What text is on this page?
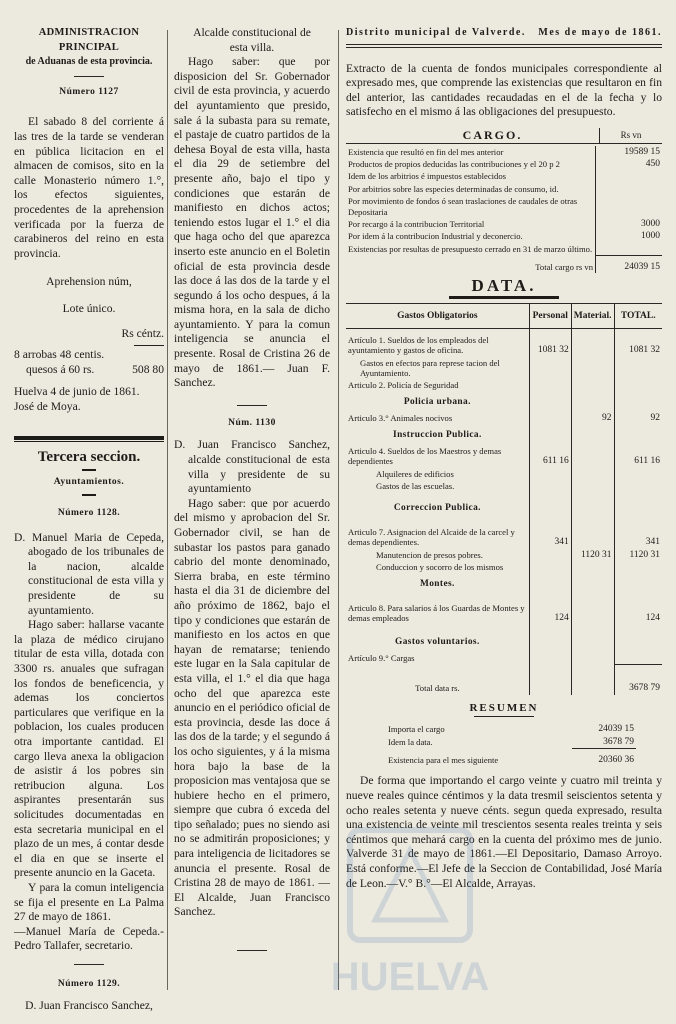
ADMINISTRACION PRINCIPAL

de Aduanas de esta provincia.

Número 1127

El sabado 8 del corriente á las tres de la tarde se venderan en pública licitacion en el almacen de comisos, sito en la calle Monasterio número 1.°, los efectos siguientes, procedentes de la aprehension verificada por la fuerza de carabineros del reino en esta provincia.

Aprehension núm,

Lote único.

Rs céntz.

8 arrobas 48 centis.

quesos á 60 rs.	508 80

Huelva 4 de junio de 1861.

José de Moya.

Tercera seccion.

Ayuntamientos.

Número 1128.

D. Manuel Maria de Cepeda, abogado de los tribunales de la nacion, alcalde constitucional de esta villa y presidente de su ayuntamiento.

Hago saber: hallarse vacante la plaza de médico cirujano titular de esta villa, dotada con 3300 rs. anuales que sufragan los fondos de beneficencia, y ademas los conciertos particulares que verifique en la poblacion, los cuales producen otra importante cantidad. El cargo lleva anexa la obligacion de asistir á los pobres sin retribucion alguna. Los aspirantes presentarán sus solicitudes documentadas en esta secretaria municipal en el plazo de un mes, á contar desde el dia en que se inserte el presente anuncio en la Gaceta.

Y para la comun inteligencia se fija el presente en La Palma 27 de mayo de 1861.

—Manuel María de Cepeda.-Pedro Tallafer, secretario.

Número 1129.

D. Juan Francisco Sanchez,

Alcalde constitucional de esta villa.

Hago saber: que por disposicion del Sr. Gobernador civil de esta provincia, y acuerdo del ayuntamiento que presido, sale á la subasta para su remate, el pastaje de cuatro partidos de la dehesa Boyal de esta villa, hasta el dia 29 de setiembre del presente año, bajo el tipo y condiciones que estarán de manifiesto en dichos actos; teniendo estos lugar el 1.° el dia que haga ocho del que aparezca inserto este anuncio en el Boletin oficial de esta provincia desde las doce á las dos de la tarde y el segundo á los ocho despues, á la misma hora, en la sala de dicho ayuntamiento. Y para la comun inteligencia se anuncia el presente. Rosal de Cristina 26 de mayo de 1861.— Juan F. Sanchez.

Núm. 1130

D. Juan Francisco Sanchez, alcalde constitucional de esta villa y presidente de su ayuntamiento

Hago saber: que por acuerdo del mismo y aprobacion del Sr. Gobernador civil, se han de subastar los pastos para ganado cabrio del monte denominado, Sierra braba, en este término hasta el dia 31 de diciembre del año próximo de 1862, bajo el tipo y condiciones que estarán de manifiesto en los actos en que hayan de rematarse; teniendo este lugar en la Sala capitular de esta villa, el 1.° el dia que haga ocho del que aparezca este anuncio en el periódico oficial de esta provincia, desde las doce á las dos de la tarde; y el segundo á los ocho siguientes, y á la misma hora bajo la base de la proposicion mas ventajosa que se hubiere hecho en el primero, siempre que cubra ó exceda del tipo señalado; pues no siendo asi no se admitirán proposiciones; y para inteligencia de licitadores se anuncia el presente. Rosal de Cristina 28 de mayo de 1861. —El Alcalde, Juan Francisco Sanchez.

Distrito municipal de Valverde. Mes de mayo de 1861.

Extracto de la cuenta de fondos municipales correspondiente al expresado mes, que comprende las existencias que resultaron en fin del anterior, las cantidades recaudadas en el de la fecha y lo satisfecho en el mismo á las obligaciones del presupuesto.

CARGO.	Rs vn
Existencia que resultó en fin del mes anterior	19589 15
Productos de propios deducidas las contribuciones y el 20 p 2	450
Idem de los arbitrios é impuestos establecidos	
Por arbitrios sobre las especies determinadas de consumo, id.	
Por movimiento de fondos ó sean traslaciones de caudales de otras Depositaria	
Por recargo á la contribucion Territorial	3000
Por idem á la contribucion Industrial y deconercio.	1000
Existencias por resultas de presupuesto cerrado en 31 de marzo último.	
Total cargo rs vn	24039 15
DATA.
Gastos Obligatorios	Personal	Material.	TOTAL.
Artículo 1. Sueldos de los empleados del ayuntamiento y gastos de oficina.	1081 32		1081 32
Gastos en efectos para represe tacion del Ayuntamiento.			
Articulo 2. Policía de Seguridad			
Policia urbana.			
Articulo 3.° Animales nocivos		92	92
Instruccion Publica.			
Articulo 4. Sueldos de los Maestros y demas dependientes	611 16		611 16
Alquileres de edificios			
Gastos de las escuelas.			
Correccion Publica.			
Articulo 7. Asignacion del Alcaide de la carcel y demas dependientes.	341		341
Manutencion de presos pobres.		1120 31	1120 31
Conduccion y socorro de los mismos			
Montes.			
Articulo 8. Para salarios á los Guardas de Montes y demas empleados	124		124
Gastos voluntarios.			
Artículo 9.° Cargas			
Total data rs.			3678 79
RESUMEN
Importa el cargo	24039 15
Idem la data.	3678 79
Existencia para el mes siguiente	20360 36

De forma que importando el cargo veinte y cuatro mil treinta y nueve reales quince céntimos y la data tresmil seiscientos setenta y ocho reales setenta y nueve cénts. segun queda expresado, resulta una existencia de veinte mil trescientos sesenta reales treinta y seis céntimos que mehará cargo en la cuenta del próximo mes de junio. Valverde 31 de mayo de 1861.—El Depositario, Damaso Arroyo. Está conforme.—El Jefe de la Seccion de Contabilidad, José María de Leon.—V.° B.°—El Alcalde, Arrayas.

HUELVA
